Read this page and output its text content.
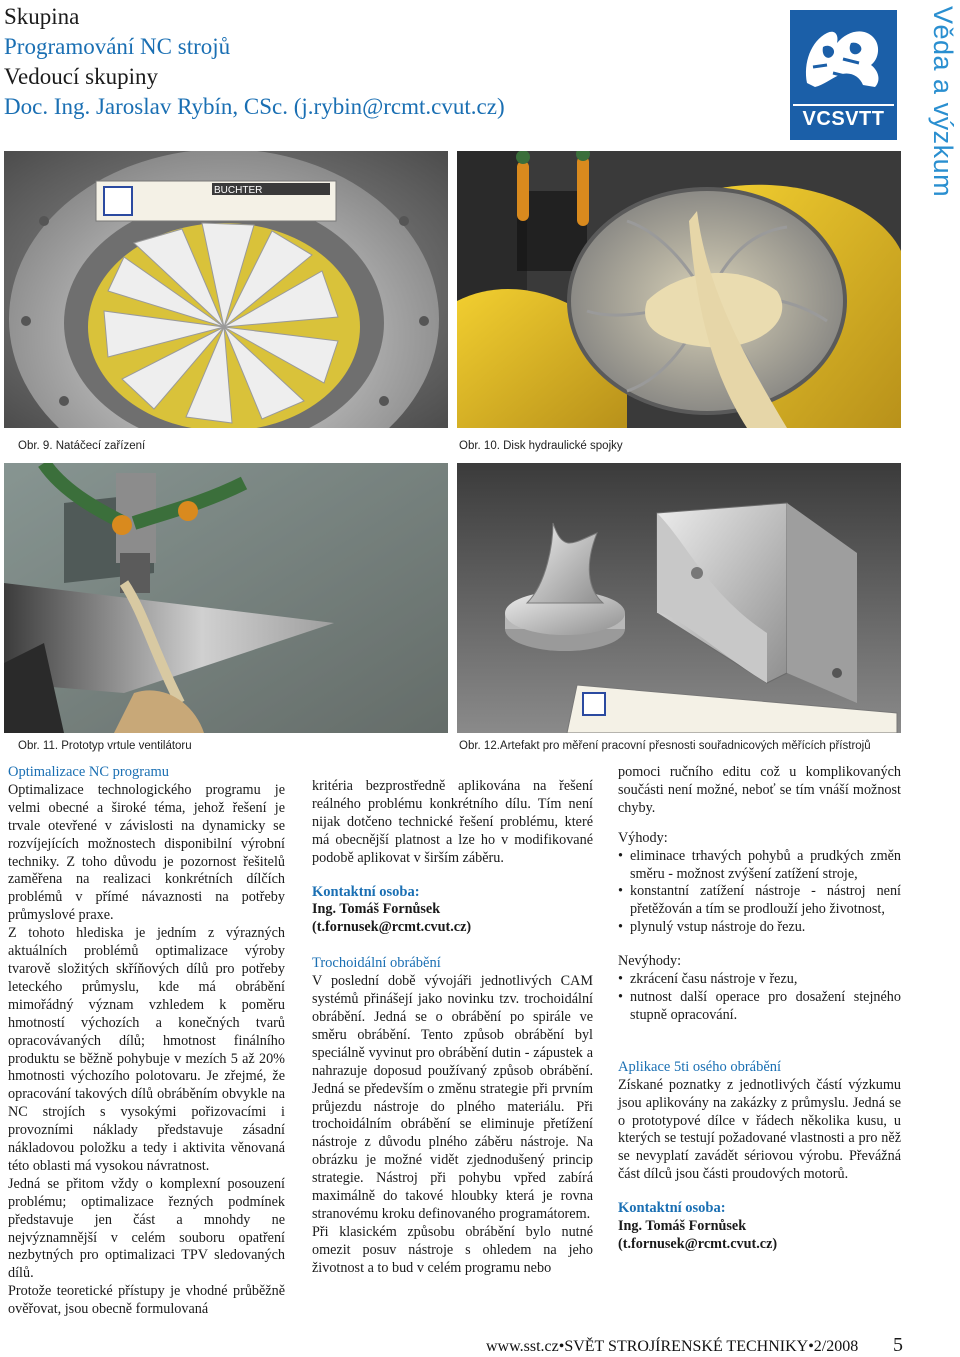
Skupina
Programování NC strojů
Vedoucí skupiny
Doc. Ing. Jaroslav Rybín, CSc. (j.rybin@rcmt.cvut.cz)	VCSVTT	Věda a výzkum
BUCHTER
Obr. 9. Natáčecí zařízení	Obr. 10. Disk hydraulické spojky
Obr. 11. Prototyp vrtule ventilátoru	Obr. 12.Artefakt pro měření pracovní přesnosti souřadnicových měřících přístrojů

Optimalizace NC programu

Optimalizace technologického programu je velmi obecné a široké téma, jehož řešení je trvale otevřené v závislosti na dynamicky se rozvíjejících možnostech disponibilní výrobní techniky. Z toho důvodu je pozornost řešitelů zaměřena na realizaci konkrétních dílčích problémů v přímé návaznosti na potřeby průmyslové praxe.

Z tohoto hlediska je jedním z výrazných aktuálních problémů optimalizace výroby tvarově složitých skříňových dílů pro potřeby leteckého průmyslu, kde má obrábění mimořádný význam vzhledem k poměru hmotností výchozích a konečných tvarů opracovávaných dílů; hmotnost finálního produktu se běžně pohybuje v mezích 5 až 20% hmotnosti výchozího polotovaru. Je zřejmé, že opracování takových dílů obráběním obvykle na NC strojích s vysokými pořizovacími i provozními náklady představuje zásadní nákladovou položku a tedy i aktivita věnovaná této oblasti má vysokou návratnost.

Jedná se přitom vždy o komplexní posouzení problému; optimalizace řezných podmínek představuje jen část a mnohdy ne nejvýznamnější v celém souboru opatření nezbytných pro optimalizaci TPV sledovaných dílů.

Protože teoretické přístupy je vhodné průběžně ověřovat, jsou obecně formulovaná

kritéria bezprostředně aplikována na řešení reálného problému konkrétního dílu. Tím není nijak dotčeno technické řešení problému, které má obecnější platnost a lze ho v modifikované podobě aplikovat v širším záběru.

Kontaktní osoba:

Ing. Tomáš Fornůsek

(t.fornusek@rcmt.cvut.cz)

Trochoidální obrábění

V poslední době vývojáři jednotlivých CAM systémů přinášejí jako novinku tzv. trochoidální obrábění. Jedná se o obrábění po spirále ve směru obrábění. Tento způsob obrábění byl speciálně vyvinut pro obrábění dutin - zápustek a nahrazuje doposud používaný způsob obrábění. Jedná se především o změnu strategie při prvním průjezdu nástroje do plného materiálu. Při trochoidálním obrábění se eliminuje přetížení nástroje z důvodu plného záběru nástroje. Na obrázku je možné vidět zjednodušený princip strategie. Nástroj při pohybu vpřed zabírá maximálně do takové hloubky která je rovna stranovému kroku definovaného programátorem.

Při klasickém způsobu obrábění bylo nutné omezit posuv nástroje s ohledem na jeho životnost a to bud v celém programu nebo

pomoci ručního editu což u komplikovaných součásti není možné, neboť se tím vnáší možnost chyby.

Výhody:

• eliminace trhavých pohybů a prudkých změn směru - možnost zvýšení zatížení stroje,
• konstantní zatížení nástroje - nástroj není přetěžován a tím se prodlouží jeho životnost,
• plynulý vstup nástroje do řezu.

Nevýhody:

• zkrácení času nástroje v řezu,
• nutnost další operace pro dosažení stejného stupně opracování.

Aplikace 5ti osého obrábění

Získané poznatky z jednotlivých částí výzkumu jsou aplikovány na zakázky z průmyslu. Jedná se o prototypové dílce v řádech několika kusu, u kterých se testují požadované vlastnosti a pro něž se nevyplatí zavádět sériovou výrobu. Převážná část dílců jsou části proudových motorů.

Kontaktní osoba:

Ing. Tomáš Fornůsek

(t.fornusek@rcmt.cvut.cz)

www.sst.cz•SVĚT STROJÍRENSKÉ TECHNIKY•2/2008 5
